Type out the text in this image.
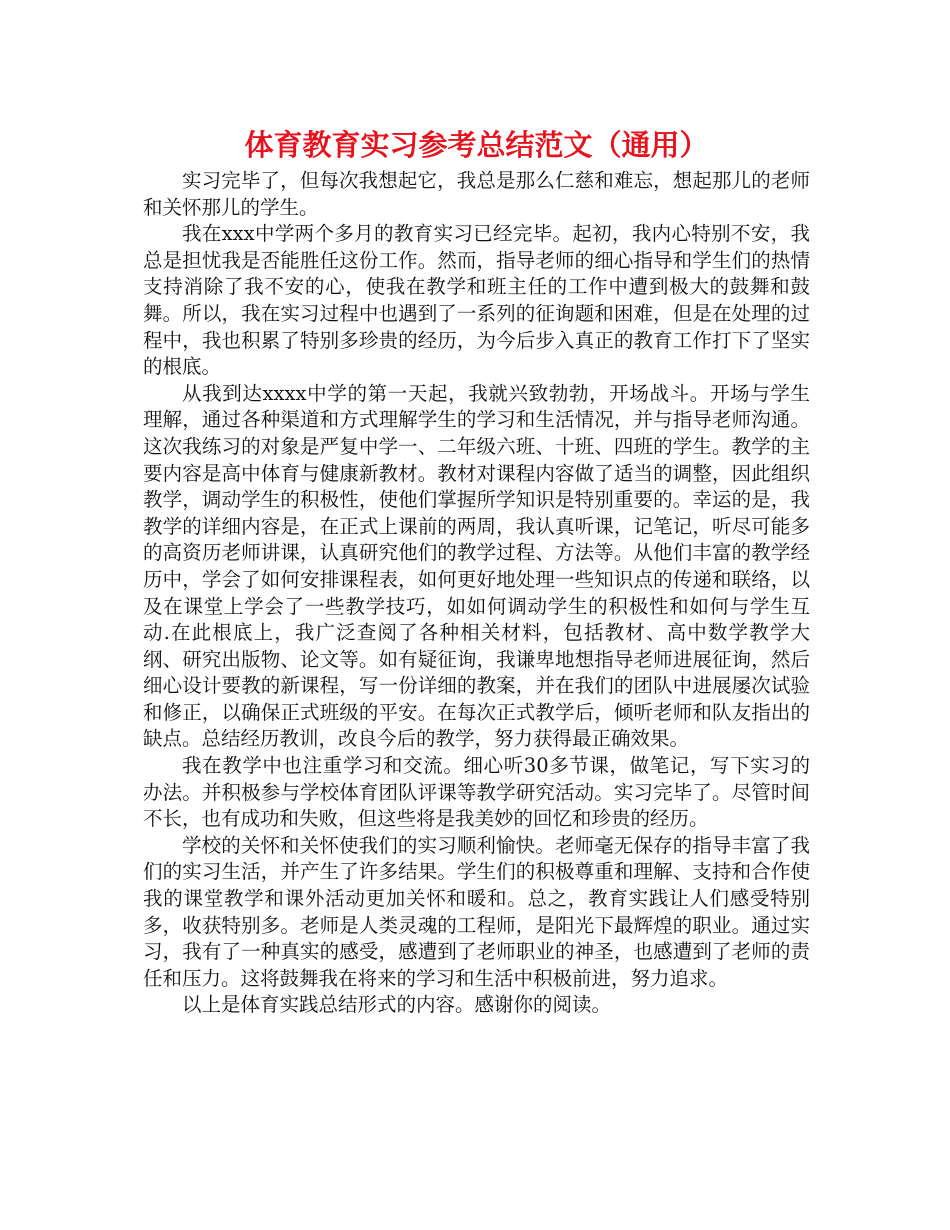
体育教育实习参考总结范文（通用）

实习完毕了，但每次我想起它，我总是那么仁慈和难忘，想起那儿的老师和关怀那儿的学生。

我在xxx中学两个多月的教育实习已经完毕。起初，我内心特别不安，我总是担忧我是否能胜任这份工作。然而，指导老师的细心指导和学生们的热情支持消除了我不安的心，使我在教学和班主任的工作中遭到极大的鼓舞和鼓舞。所以，我在实习过程中也遇到了一系列的征询题和困难，但是在处理的过程中，我也积累了特别多珍贵的经历，为今后步入真正的教育工作打下了坚实的根底。

从我到达xxxx中学的第一天起，我就兴致勃勃，开场战斗。开场与学生理解，通过各种渠道和方式理解学生的学习和生活情况，并与指导老师沟通。这次我练习的对象是严复中学一、二年级六班、十班、四班的学生。教学的主要内容是高中体育与健康新教材。教材对课程内容做了适当的调整，因此组织教学，调动学生的积极性，使他们掌握所学知识是特别重要的。幸运的是，我教学的详细内容是，在正式上课前的两周，我认真听课，记笔记，听尽可能多的高资历老师讲课，认真研究他们的教学过程、方法等。从他们丰富的教学经历中，学会了如何安排课程表，如何更好地处理一些知识点的传递和联络，以及在课堂上学会了一些教学技巧，如如何调动学生的积极性和如何与学生互动.在此根底上，我广泛查阅了各种相关材料，包括教材、高中数学教学大纲、研究出版物、论文等。如有疑征询，我谦卑地想指导老师进展征询，然后细心设计要教的新课程，写一份详细的教案，并在我们的团队中进展屡次试验和修正，以确保正式班级的平安。在每次正式教学后，倾听老师和队友指出的缺点。总结经历教训，改良今后的教学，努力获得最正确效果。

我在教学中也注重学习和交流。细心听30多节课，做笔记，写下实习的办法。并积极参与学校体育团队评课等教学研究活动。实习完毕了。尽管时间不长，也有成功和失败，但这些将是我美妙的回忆和珍贵的经历。

学校的关怀和关怀使我们的实习顺利愉快。老师毫无保存的指导丰富了我们的实习生活，并产生了许多结果。学生们的积极尊重和理解、支持和合作使我的课堂教学和课外活动更加关怀和暖和。总之，教育实践让人们感受特别多，收获特别多。老师是人类灵魂的工程师，是阳光下最辉煌的职业。通过实习，我有了一种真实的感受，感遭到了老师职业的神圣，也感遭到了老师的责任和压力。这将鼓舞我在将来的学习和生活中积极前进，努力追求。

以上是体育实践总结形式的内容。感谢你的阅读。
